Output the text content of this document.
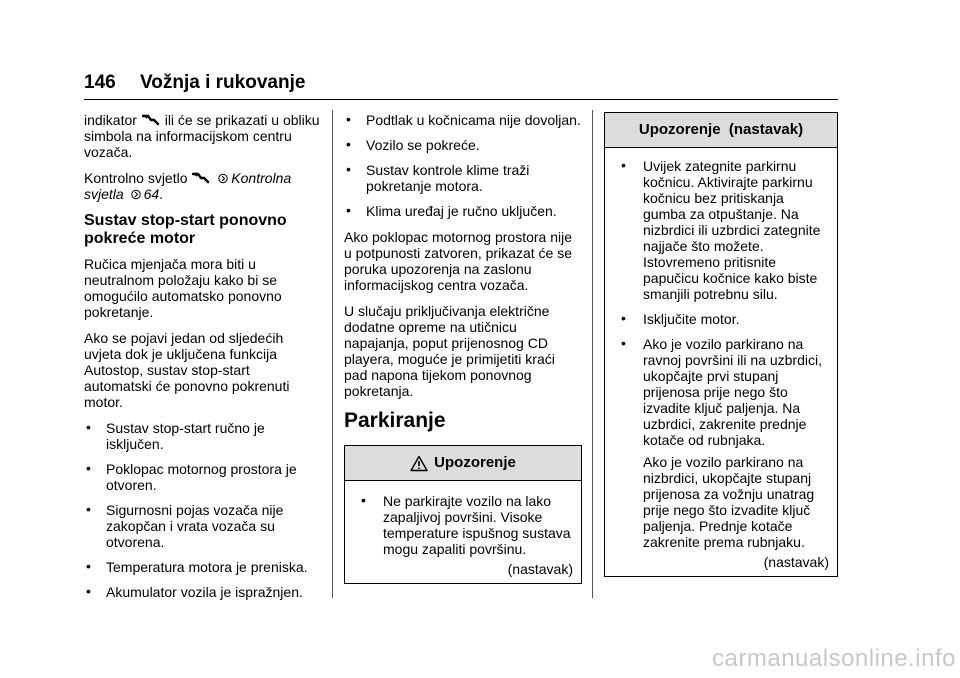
146 Vožnja i rukovanje

indikator ili će se prikazati u obliku simbola na informacijskom centru vozača.

Kontrolno svjetlo	Kontrolna svjetla 64.

Sustav stop-start ponovno pokreće motor

Ručica mjenjača mora biti u neutralnom položaju kako bi se omogućilo automatsko ponovno pokretanje.

Ako se pojavi jedan od sljedećih uvjeta dok je uključena funkcija Autostop, sustav stop-start automatski će ponovno pokrenuti motor.

• Sustav stop-start ručno je isključen.
• Poklopac motornog prostora je otvoren.
• Sigurnosni pojas vozača nije zakopčan i vrata vozača su otvorena.
• Temperatura motora je preniska.
• Akumulator vozila je ispražnjen.
• Podtlak u kočnicama nije dovoljan.
• Vozilo se pokreće.
• Sustav kontrole klime traži pokretanje motora.
• Klima uređaj je ručno uključen.

Ako poklopac motornog prostora nije u potpunosti zatvoren, prikazat će se poruka upozorenja na zaslonu informacijskog centra vozača.

U slučaju priključivanja električne dodatne opreme na utičnicu napajanja, poput prijenosnog CD playera, moguće je primijetiti kraći pad napona tijekom ponovnog pokretanja.

Parkiranje
Upozorenje
• Ne parkirajte vozilo na lako zapaljivoj površini. Visoke temperature ispušnog sustava mogu zapaliti površinu.
(nastavak)
Upozorenje  (nastavak)
• Uvijek zategnite parkirnu kočnicu. Aktivirajte parkirnu kočnicu bez pritiskanja gumba za otpuštanje. Na nizbrdici ili uzbrdici zategnite najjače što možete. Istovremeno pritisnite papučicu kočnice kako biste smanjili potrebnu silu.
• Isključite motor.
• Ako je vozilo parkirano na ravnoj površini ili na uzbrdici, ukopčajte prvi stupanj prijenosa prije nego što izvadite ključ paljenja. Na uzbrdici, zakrenite prednje kotače od rubnjaka.

Ako je vozilo parkirano na nizbrdici, ukopčajte stupanj prijenosa za vožnju unatrag prije nego što izvadite ključ paljenja. Prednje kotače zakrenite prema rubnjaku.

(nastavak)
carmanualsonline.info
